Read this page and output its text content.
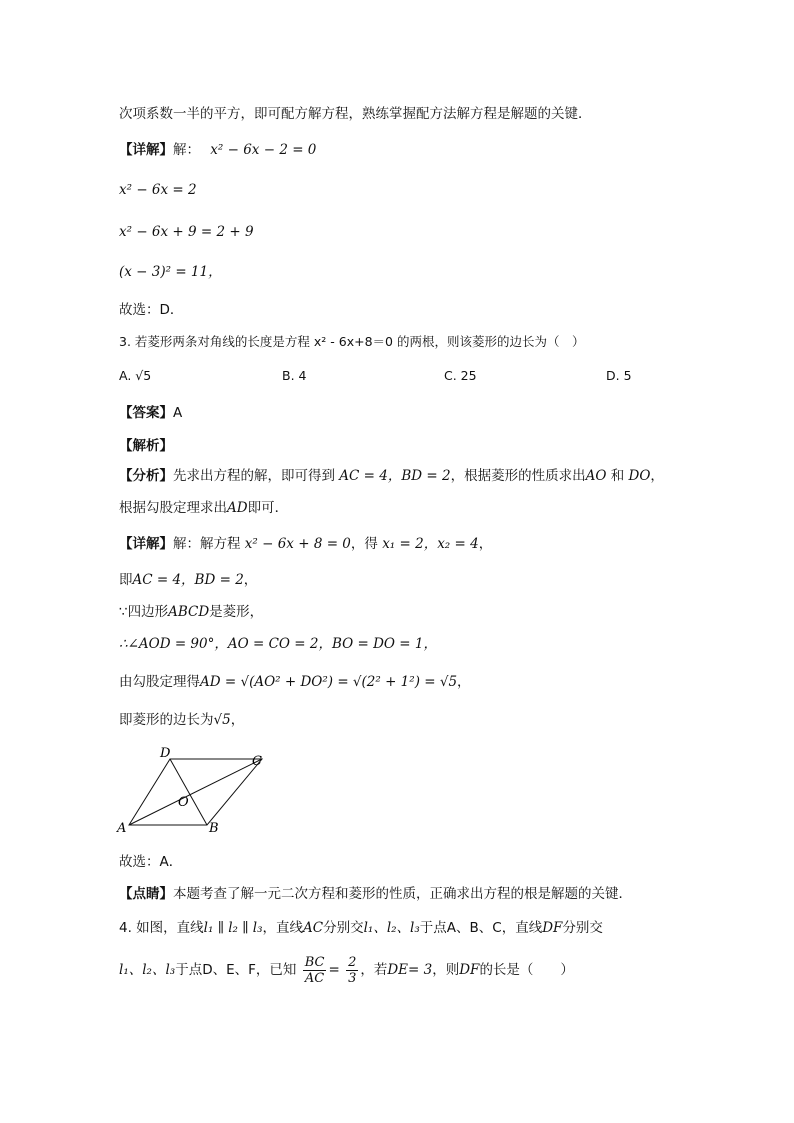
次项系数一半的平方，即可配方解方程，熟练掌握配方法解方程是解题的关键．
【详解】解： x² − 6x − 2 = 0
x² − 6x = 2
x² − 6x + 9 = 2 + 9
(x − 3)² = 11，
故选：D．
3. 若菱形两条对角线的长度是方程 x² - 6x+8＝0 的两根，则该菱形的边长为（　）
A. √5	B. 4	C. 25	D. 5
【答案】A
【解析】
【分析】先求出方程的解，即可得到 AC = 4，BD = 2，根据菱形的性质求出AO 和 DO，
根据勾股定理求出AD即可．
【详解】解：解方程 x² − 6x + 8 = 0，得 x₁ = 2，x₂ = 4，
即AC = 4，BD = 2，
∵四边形ABCD是菱形，
∴∠AOD = 90°，AO = CO = 2，BO = DO = 1，
由勾股定理得AD = √(AO² + DO²) = √(2² + 1²) = √5，
即菱形的边长为√5，
D
C
O
A	B
故选：A．
【点睛】本题考查了解一元二次方程和菱形的性质，正确求出方程的根是解题的关键．
4. 如图，直线l₁ ∥ l₂ ∥ l₃，直线AC分别交l₁、l₂、l₃于点A、B、C，直线DF分别交
l₁、l₂、l₃于点D、E、F，已知 $\frac{BC}{AC} = \frac{2}{3}$ ，若DE= 3，则DF的长是（　　）
